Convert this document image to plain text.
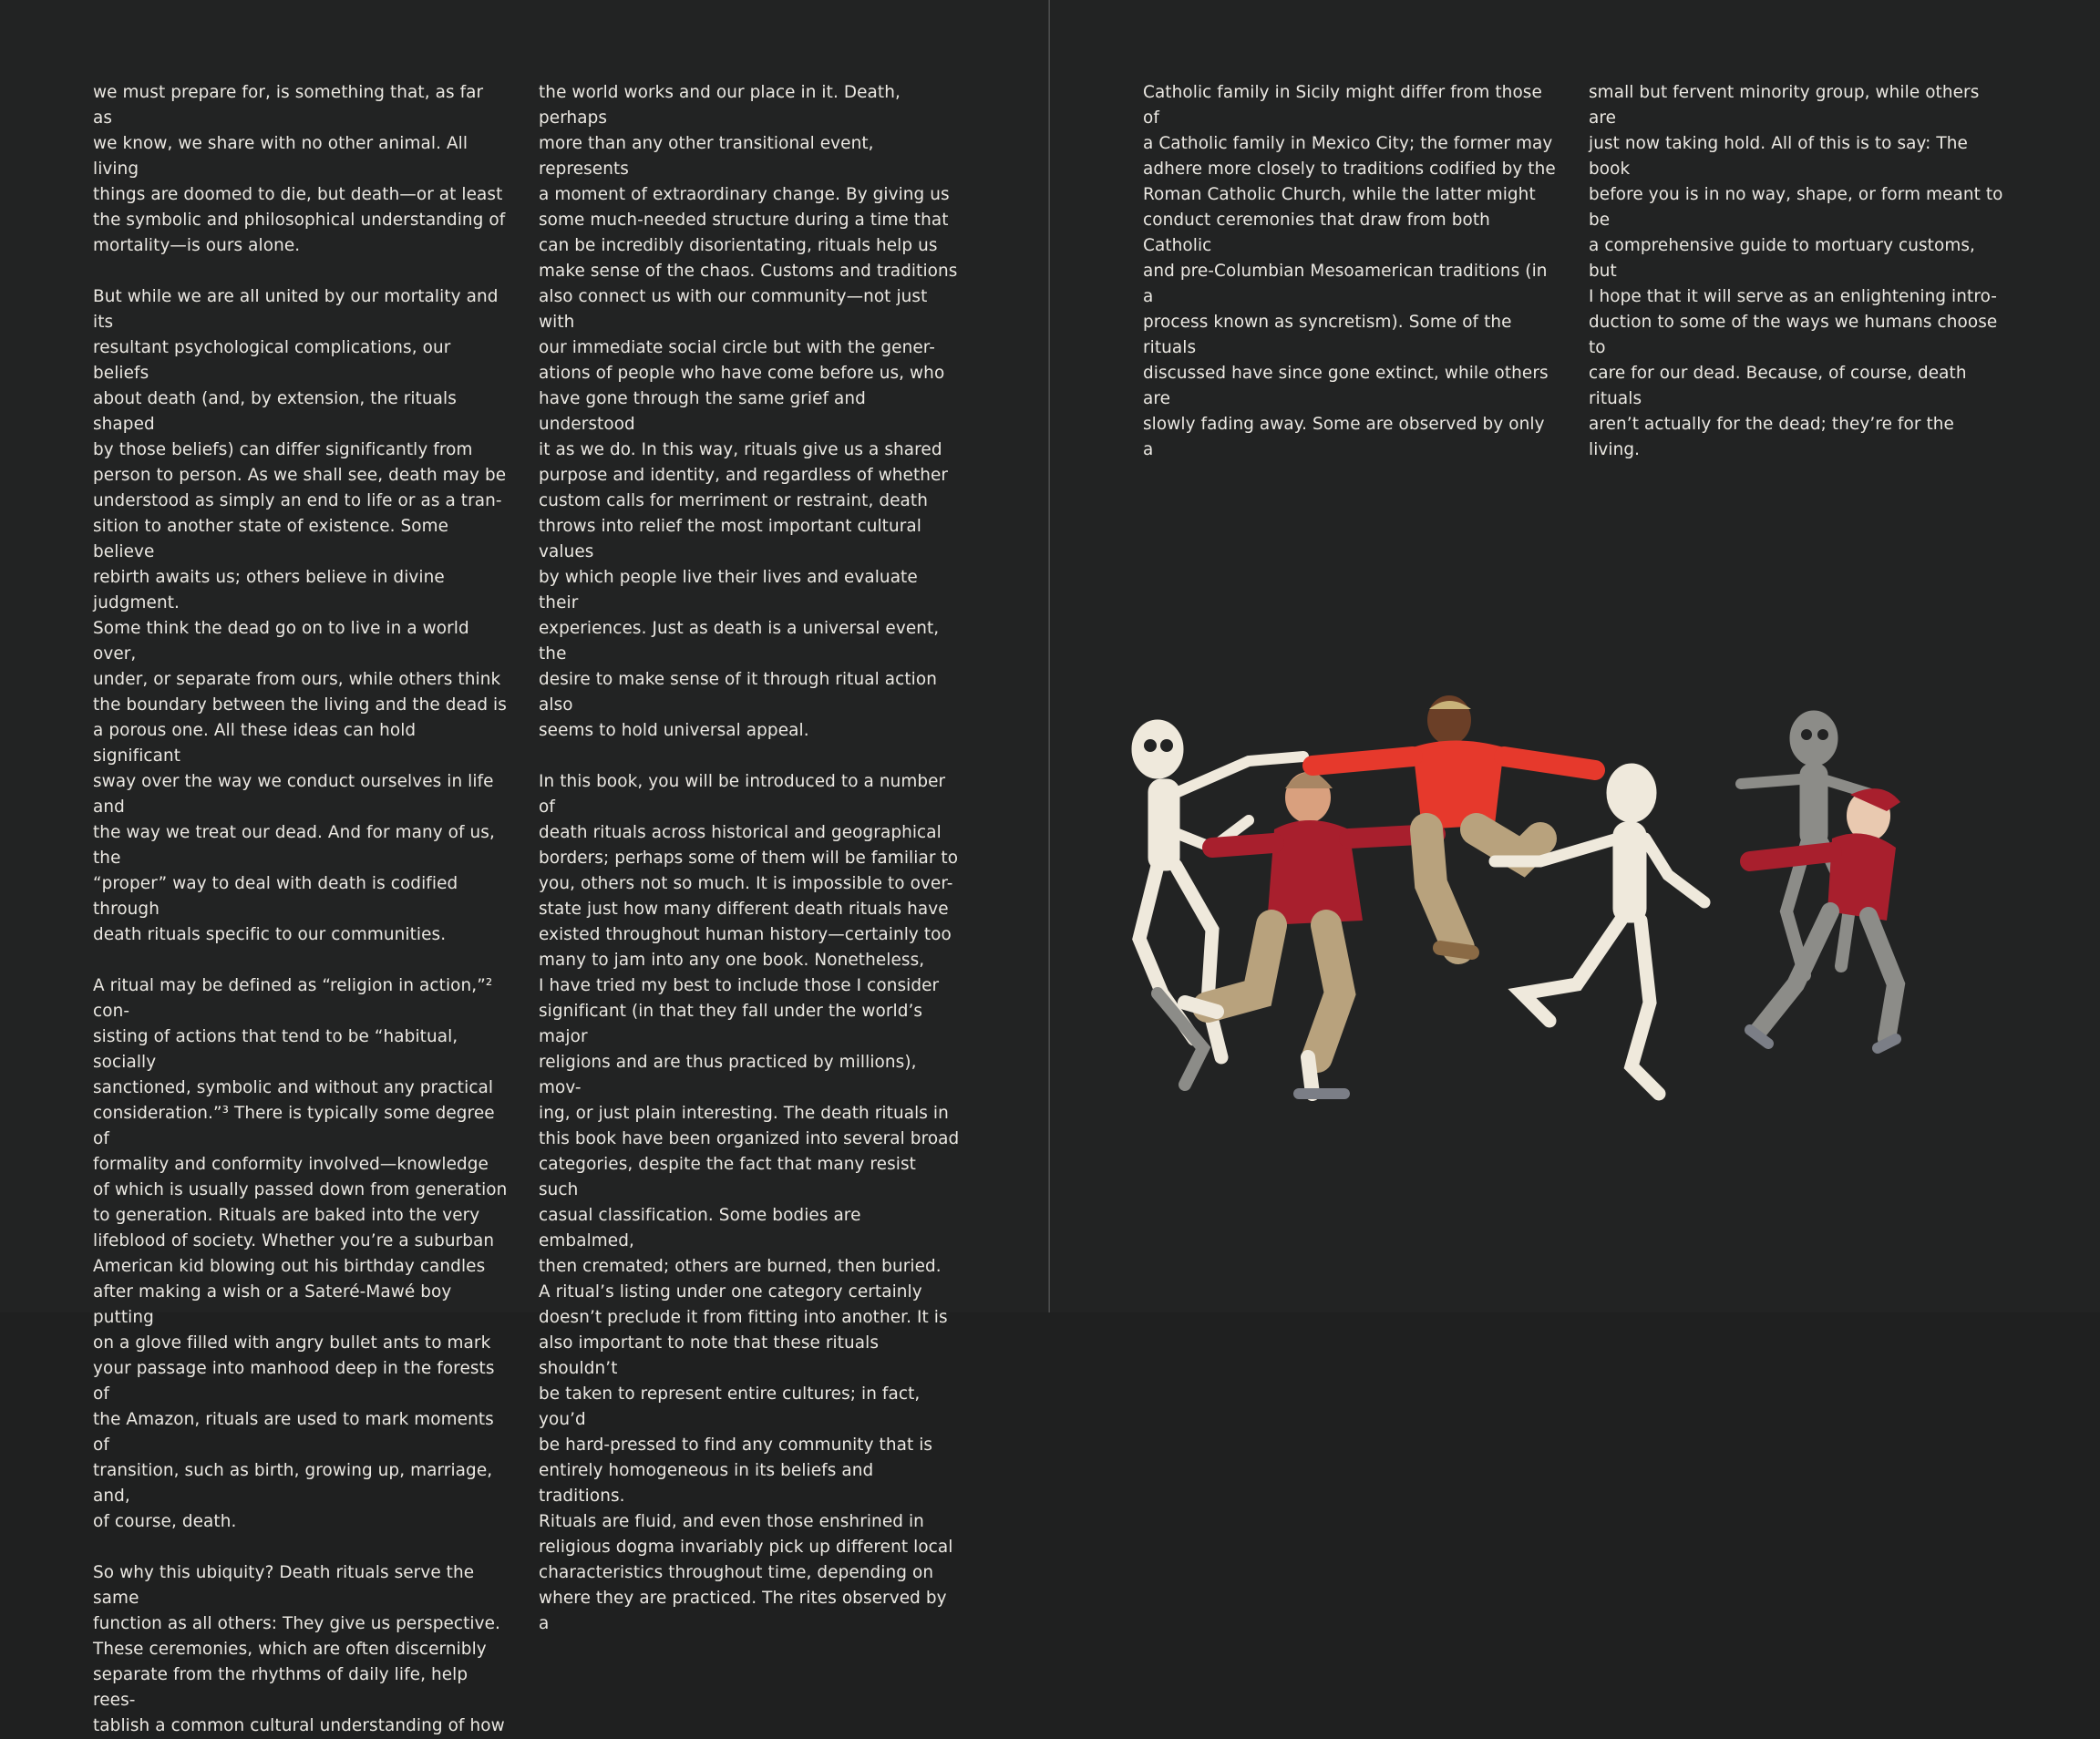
we must prepare for, is something that, as far as
we know, we share with no other animal. All living
things are doomed to die, but death—or at least
the symbolic and philosophical understanding of
mortality—is ours alone.

But while we are all united by our mortality and its
resultant psychological complications, our beliefs
about death (and, by extension, the rituals shaped
by those beliefs) can differ significantly from
person to person. As we shall see, death may be
understood as simply an end to life or as a tran-
sition to another state of existence. Some believe
rebirth awaits us; others believe in divine judgment.
Some think the dead go on to live in a world over,
under, or separate from ours, while others think
the boundary between the living and the dead is
a porous one. All these ideas can hold significant
sway over the way we conduct ourselves in life and
the way we treat our dead. And for many of us, the
“proper” way to deal with death is codified through
death rituals specific to our communities.

A ritual may be defined as “religion in action,”² con-
sisting of actions that tend to be “habitual, socially
sanctioned, symbolic and without any practical
consideration.”³ There is typically some degree of
formality and conformity involved—knowledge
of which is usually passed down from generation
to generation. Rituals are baked into the very
lifeblood of society. Whether you’re a suburban
American kid blowing out his birthday candles
after making a wish or a Sateré-Mawé boy putting
on a glove filled with angry bullet ants to mark
your passage into manhood deep in the forests of
the Amazon, rituals are used to mark moments of
transition, such as birth, growing up, marriage, and,
of course, death.

So why this ubiquity? Death rituals serve the same
function as all others: They give us perspective.
These ceremonies, which are often discernibly
separate from the rhythms of daily life, help rees-
tablish a common cultural understanding of how

the world works and our place in it. Death, perhaps
more than any other transitional event, represents
a moment of extraordinary change. By giving us
some much-needed structure during a time that
can be incredibly disorientating, rituals help us
make sense of the chaos. Customs and traditions
also connect us with our community—not just with
our immediate social circle but with the gener-
ations of people who have come before us, who
have gone through the same grief and understood
it as we do. In this way, rituals give us a shared
purpose and identity, and regardless of whether
custom calls for merriment or restraint, death
throws into relief the most important cultural values
by which people live their lives and evaluate their
experiences. Just as death is a universal event, the
desire to make sense of it through ritual action also
seems to hold universal appeal.

In this book, you will be introduced to a number of
death rituals across historical and geographical
borders; perhaps some of them will be familiar to
you, others not so much. It is impossible to over-
state just how many different death rituals have
existed throughout human history—certainly too
many to jam into any one book. Nonetheless,
I have tried my best to include those I consider
significant (in that they fall under the world’s major
religions and are thus practiced by millions), mov-
ing, or just plain interesting. The death rituals in
this book have been organized into several broad
categories, despite the fact that many resist such
casual classification. Some bodies are embalmed,
then cremated; others are burned, then buried.
A ritual’s listing under one category certainly
doesn’t preclude it from fitting into another. It is
also important to note that these rituals shouldn’t
be taken to represent entire cultures; in fact, you’d
be hard-pressed to find any community that is
entirely homogeneous in its beliefs and traditions.
Rituals are fluid, and even those enshrined in
religious dogma invariably pick up different local
characteristics throughout time, depending on
where they are practiced. The rites observed by a

Catholic family in Sicily might differ from those of
a Catholic family in Mexico City; the former may
adhere more closely to traditions codified by the
Roman Catholic Church, while the latter might
conduct ceremonies that draw from both Catholic
and pre-Columbian Mesoamerican traditions (in a
process known as syncretism). Some of the rituals
discussed have since gone extinct, while others are
slowly fading away. Some are observed by only a

small but fervent minority group, while others are
just now taking hold. All of this is to say: The book
before you is in no way, shape, or form meant to be
a comprehensive guide to mortuary customs, but
I hope that it will serve as an enlightening intro-
duction to some of the ways we humans choose to
care for our dead. Because, of course, death rituals
aren’t actually for the dead; they’re for the living.
